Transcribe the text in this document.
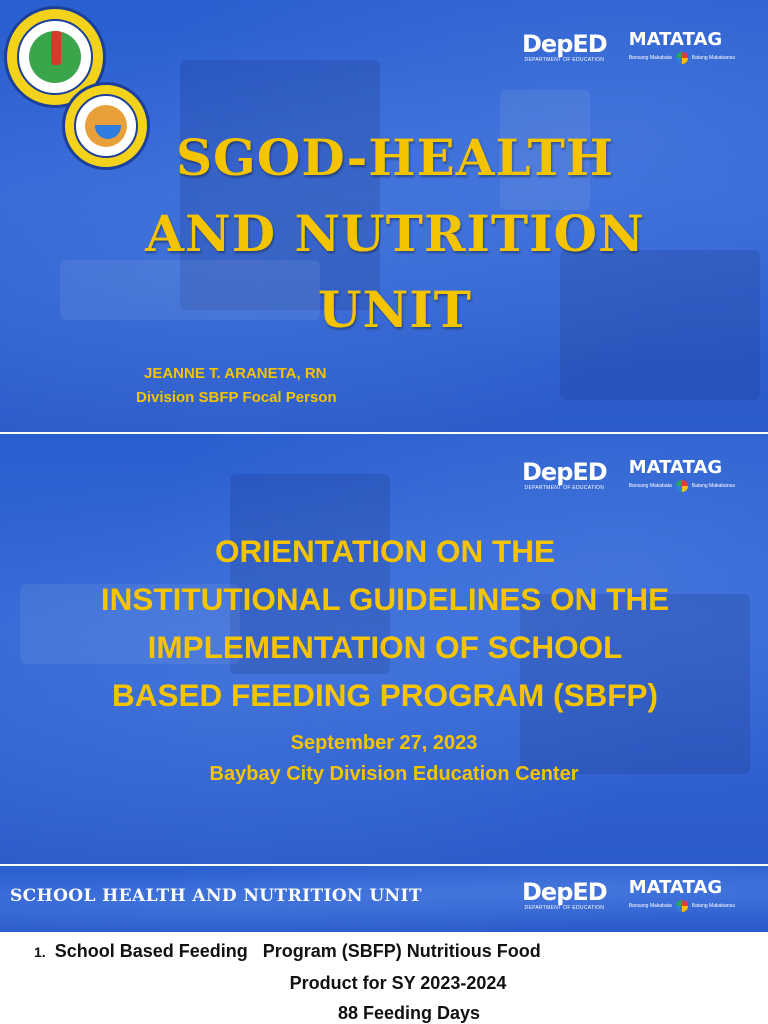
DepED
DEPARTMENT OF EDUCATION
MATATAG
Bansang Makabata	Batang Makabansa
SGOD-HEALTH
AND NUTRITION
UNIT
JEANNE T. ARANETA, RN
Division SBFP Focal Person
DepED
DEPARTMENT OF EDUCATION
MATATAG
Bansang Makabata	Batang Makabansa
ORIENTATION ON THE
INSTITUTIONAL GUIDELINES ON THE
IMPLEMENTATION OF SCHOOL
BASED FEEDING PROGRAM (SBFP)
September 27, 2023
Baybay City Division Education Center
SCHOOL HEALTH AND NUTRITION UNIT	DepED
DEPARTMENT OF EDUCATION
MATATAG
Bansang Makabata	Batang Makabansa
1. School Based Feeding   Program (SBFP) Nutritious Food
Product for SY 2023-2024
88 Feeding Days
